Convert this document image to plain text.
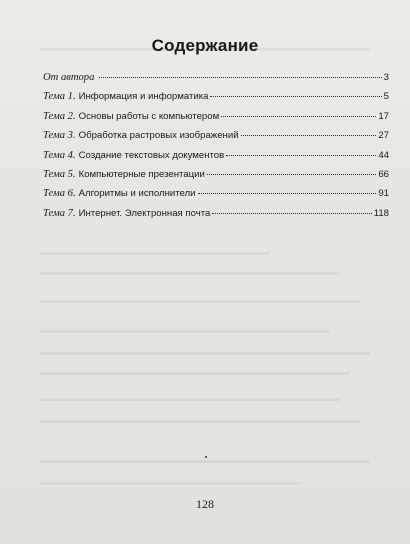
Содержание
От автора	3
Тема 1. Информация и информатика	5
Тема 2. Основы работы с компьютером	17
Тема 3. Обработка растровых изображений	27
Тема 4. Создание текстовых документов	44
Тема 5. Компьютерные презентации	66
Тема 6. Алгоритмы и исполнители	91
Тема 7. Интернет. Электронная почта	118
128
